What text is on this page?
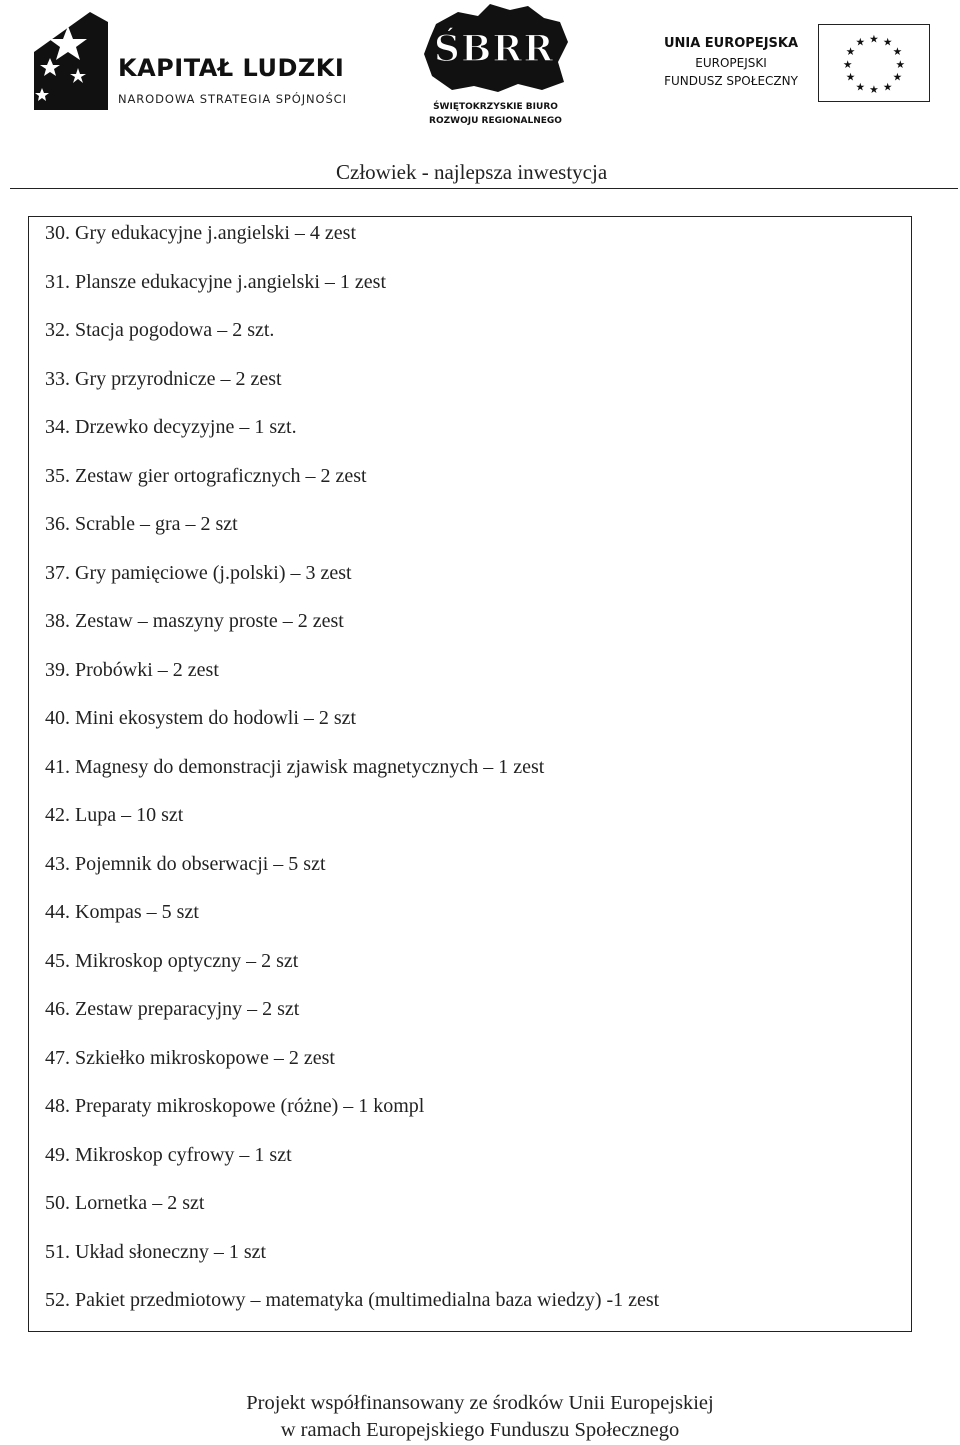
KAPITAŁ LUDZKI
NARODOWA STRATEGIA SPÓJNOŚCI
ŚBRR
ŚWIĘTOKRZYSKIE BIURO
ROZWOJU REGIONALNEGO
UNIA EUROPEJSKA
EUROPEJSKI
FUNDUSZ SPOŁECZNY
★ ★
★
★
★
★
★
★
★
★
★
★
Człowiek - najlepsza inwestycja
30. Gry edukacyjne j.angielski – 4 zest
31. Plansze edukacyjne j.angielski – 1 zest
32. Stacja pogodowa – 2 szt.
33. Gry przyrodnicze – 2 zest
34. Drzewko decyzyjne – 1 szt.
35. Zestaw gier ortograficznych – 2 zest
36. Scrable – gra – 2 szt
37. Gry pamięciowe (j.polski) – 3 zest
38. Zestaw – maszyny proste – 2 zest
39. Probówki – 2 zest
40. Mini ekosystem do hodowli – 2 szt
41. Magnesy do demonstracji zjawisk magnetycznych – 1 zest
42. Lupa – 10 szt
43. Pojemnik do obserwacji – 5 szt
44. Kompas – 5 szt
45. Mikroskop optyczny – 2 szt
46. Zestaw preparacyjny – 2 szt
47. Szkiełko mikroskopowe – 2 zest
48. Preparaty mikroskopowe (różne) – 1 kompl
49. Mikroskop cyfrowy – 1 szt
50. Lornetka – 2 szt
51. Układ słoneczny – 1 szt
52. Pakiet przedmiotowy – matematyka (multimedialna baza wiedzy) -1 zest
Projekt współfinansowany ze środków Unii Europejskiej
w ramach Europejskiego Funduszu Społecznego
